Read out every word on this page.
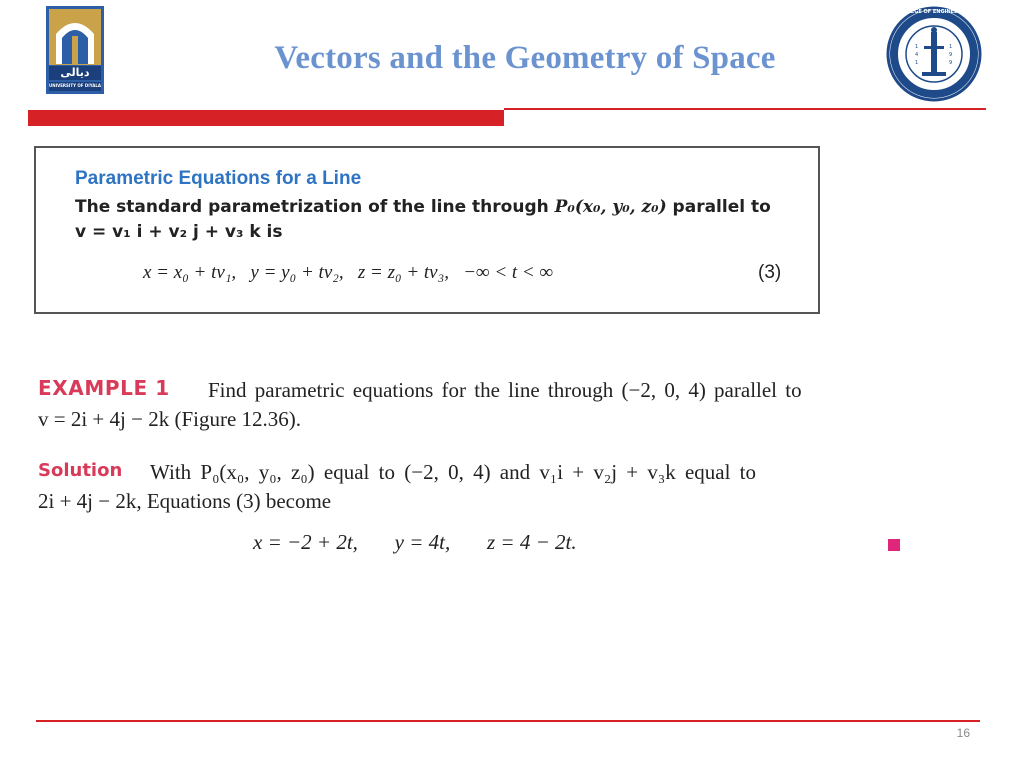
ديالى
UNIVERSITY OF DIYALA
Vectors and the Geometry of Space	1
4
1
1
9
9
COLLEGE OF ENGINEERING
Parametric Equations for a Line
The standard parametrization of the line through P₀(x₀, y₀, z₀) parallel to
v = v₁ i + v₂ j + v₃ k is
x = x₀ + tv₁,   y = y₀ + tv₂,   z = z₀ + tv₃,   −∞ < t < ∞	(3)
EXAMPLE 1 Find parametric equations for the line through (−2, 0, 4) parallel to
v = 2i + 4j − 2k (Figure 12.36).
Solution With P₀(x₀, y₀, z₀) equal to (−2, 0, 4) and v₁i + v₂j + v₃k equal to
2i + 4j − 2k, Equations (3) become
x = −2 + 2t,       y = 4t,       z = 4 − 2t.
16
